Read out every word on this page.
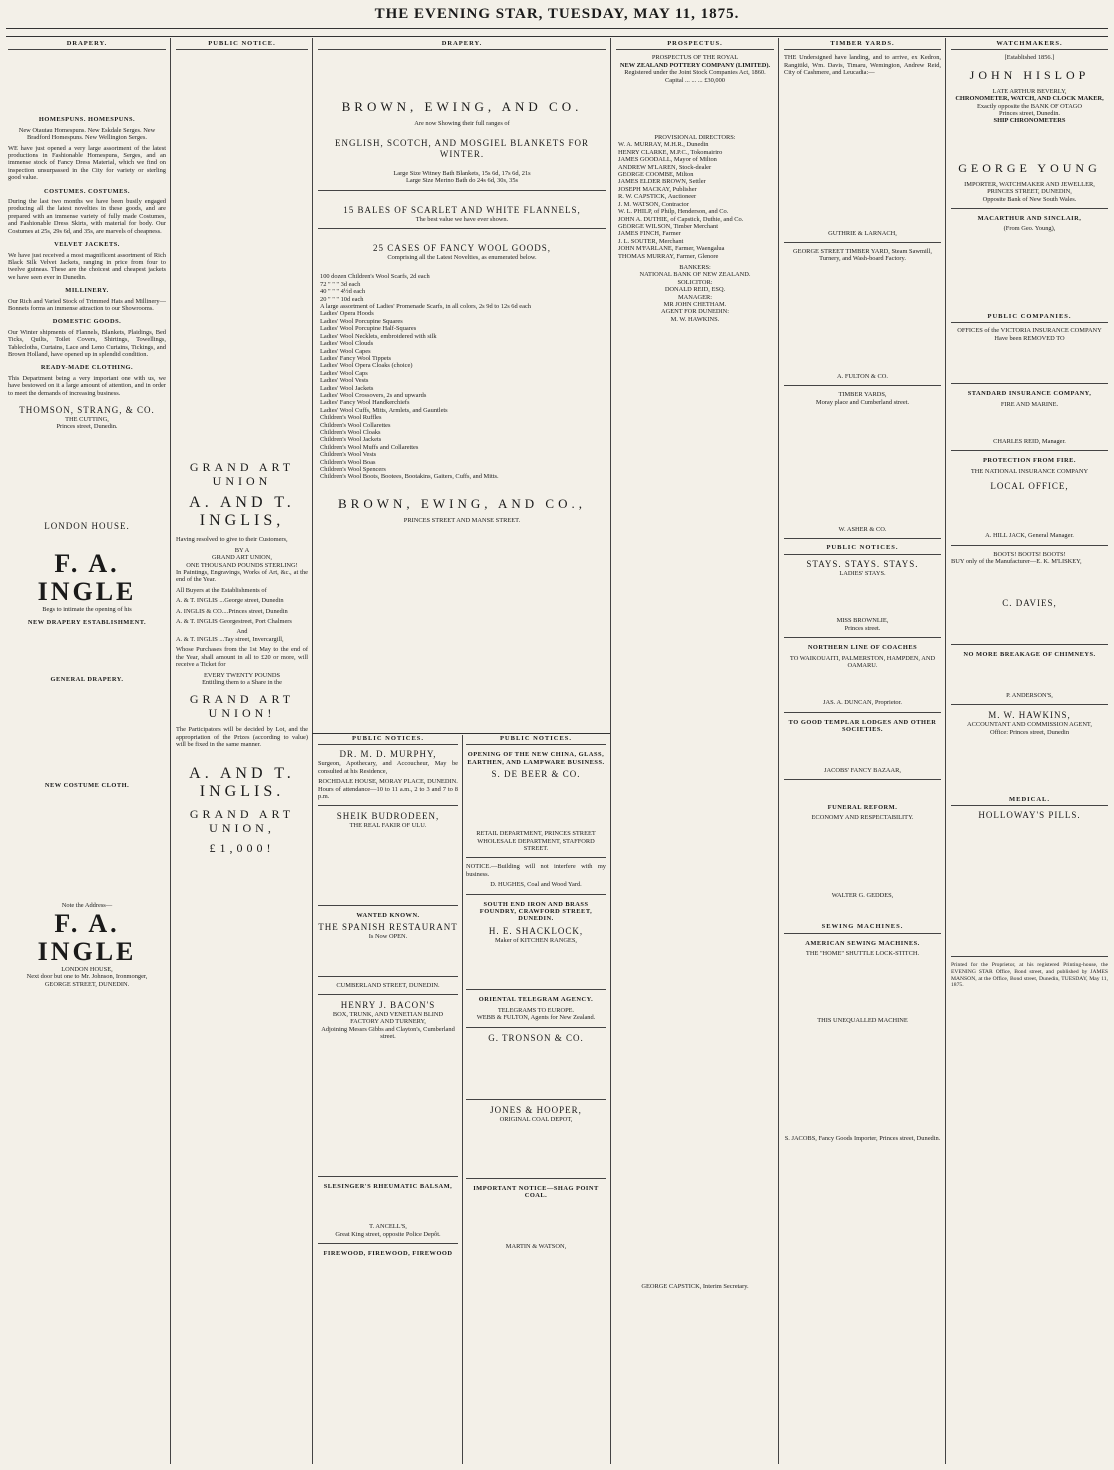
THE EVENING STAR, TUESDAY, MAY 11, 1875.
DRAPERY.
HOMESPUNS. HOMESPUNS.

New Otautau Homespuns. New Eskdale Serges. New Bradford Homespuns. New Wellington Serges.

WE have just opened a very large assortment of the latest productions in Fashionable Homespuns, Serges, and an immense stock of Fancy Dress Material, which we find on inspection unsurpassed in the City for variety or sterling good value.

COSTUMES. COSTUMES.

During the last two months we have been busily engaged producing all the latest novelties in these goods, and are prepared with an immense variety of fully made Costumes, and Fashionable Dress Skirts, with material for body. Our Costumes at 25s, 29s 6d, and 35s, are marvels of cheapness.

VELVET JACKETS.

We have just received a most magnificent assortment of Rich Black Silk Velvet Jackets, ranging in price from four to twelve guineas. These are the choicest and cheapest jackets we have seen ever in Dunedin.

MILLINERY.

Our Rich and Varied Stock of Trimmed Hats and Millinery—Bonnets forms an immense attraction to our Showrooms.

DOMESTIC GOODS.

Our Winter shipments of Flannels, Blankets, Plaidings, Bed Ticks, Quilts, Toilet Covers, Shirtings, Towellings, Tablecloths, Curtains, Lace and Leno Curtains, Tickings, and Brown Holland, have opened up in splendid condition.

READY-MADE CLOTHING.

This Department being a very important one with us, we have bestowed on it a large amount of attention, and in order to meet the demands of increasing business.

THOMSON, STRANG, & CO.
THE CUTTING,
Princes street, Dunedin.
LONDON HOUSE.
F. A. INGLE

Begs to intimate the opening of his

NEW DRAPERY ESTABLISHMENT.
GENERAL DRAPERY.
NEW COSTUME CLOTH.
Note the Address—
F. A. INGLE
LONDON HOUSE,
Next door but one to Mr. Johnson, Ironmonger,
GEORGE STREET, DUNEDIN.
PUBLIC NOTICE.
GRAND ART UNION
A. AND T. INGLIS,

Having resolved to give to their Customers,

BY A
GRAND ART UNION,
ONE THOUSAND POUNDS STERLING!

In Paintings, Engravings, Works of Art, &c., at the end of the Year.

All Buyers at the Establishments of

A. & T. INGLIS ...George street, Dunedin

A. INGLIS & CO....Princes street, Dunedin

A. & T. INGLIS Georgestreet, Port Chalmers

And

A. & T. INGLIS ...Tay street, Invercargill,

Whose Purchases from the 1st May to the end of the Year, shall amount in all to £20 or more, will receive a Ticket for

EVERY TWENTY POUNDS
Entitling them to a Share in the
GRAND ART UNION!

The Participators will be decided by Lot, and the appropriation of the Prizes (according to value) will be fixed in the same manner.

A. AND T. INGLIS.
GRAND ART UNION,
£1,000!
DRAPERY.
BROWN, EWING, AND CO.
Are now Showing their full ranges of
ENGLISH, SCOTCH, AND MOSGIEL BLANKETS FOR WINTER.
Large Size Witney Bath Blankets, 15s 6d, 17s 6d, 21s
Large Size Merino Bath do 24s 6d, 30s, 35s
15 BALES OF SCARLET AND WHITE FLANNELS,
The best value we have ever shown.
25 CASES OF FANCY WOOL GOODS,
Comprising all the Latest Novelties, as enumerated below.
100 dozen Children's Wool Scarfs, 2d each
72 " " " 3d each
40 " " " 4½d each
20 " " " 10d each
A large assortment of Ladies' Promenade Scarfs, in all colors, 2s 9d to 12s 6d each
Ladies' Opera Hoods
Ladies' Wool Porcupine Squares
Ladies' Wool Porcupine Half-Squares
Ladies' Wool Necklets, embroidered with silk
Ladies' Wool Clouds
Ladies' Wool Capes
Ladies' Fancy Wool Tippets
Ladies' Wool Opera Cloaks (choice)
Ladies' Wool Caps
Ladies' Wool Vests
Ladies' Wool Jackets
Ladies' Wool Crossovers, 2s and upwards
Ladies' Fancy Wool Handkerchiefs
Ladies' Wool Cuffs, Mitts, Armlets, and Gauntlets
Children's Wool Ruffles
Children's Wool Collarettes
Children's Wool Cloaks
Children's Wool Jackets
Children's Wool Muffs and Collarettes
Children's Wool Vests
Children's Wool Boas
Children's Wool Spencers
Children's Wool Boots, Bootees, Bootakins, Gaiters, Cuffs, and Mitts.
BROWN, EWING, AND CO.,
PRINCES STREET AND MANSE STREET.
PUBLIC NOTICES.
DR. M. D. MURPHY,

Surgeon, Apothecary, and Accoucheur, May be consulted at his Residence,

ROCHDALE HOUSE, MORAY PLACE, DUNEDIN.

Hours of attendance—10 to 11 a.m., 2 to 3 and 7 to 8 p.m.

SHEIK BUDRODEEN,
THE REAL FAKIR OF ULU.
WANTED KNOWN.
THE SPANISH RESTAURANT
Is Now OPEN.
CUMBERLAND STREET, DUNEDIN.
HENRY J. BACON'S
BOX, TRUNK, AND VENETIAN BLIND FACTORY AND TURNERY,
Adjoining Messrs Gibbs and Clayton's, Cumberland street.
SLESINGER'S RHEUMATIC BALSAM,
T. ANCELL'S,
Great King street, opposite Police Depôt.
FIREWOOD, FIREWOOD, FIREWOOD
PUBLIC NOTICES.
OPENING OF THE NEW CHINA, GLASS, EARTHEN, AND LAMPWARE BUSINESS.
S. DE BEER & CO.
RETAIL DEPARTMENT, PRINCES STREET
WHOLESALE DEPARTMENT, STAFFORD STREET.

NOTICE.—Building will not interfere with my business.

D. HUGHES, Coal and Wood Yard.
SOUTH END IRON AND BRASS FOUNDRY, CRAWFORD STREET, DUNEDIN.
H. E. SHACKLOCK,
Maker of KITCHEN RANGES,
ORIENTAL TELEGRAM AGENCY.
TELEGRAMS TO EUROPE.
WEBB & FULTON, Agents for New Zealand.
G. TRONSON & CO.
JONES & HOOPER,
ORIGINAL COAL DEPOT,
IMPORTANT NOTICE—SHAG POINT COAL.
MARTIN & WATSON,
PROSPECTUS.
PROSPECTUS OF THE ROYAL
NEW ZEALAND POTTERY COMPANY (LIMITED).
Registered under the Joint Stock Companies Act, 1860.
Capital ... ... ... £30,000
PROVISIONAL DIRECTORS:
W. A. MURRAY, M.H.R., Dunedin
HENRY CLARKE, M.P.C., Tokomairiro
JAMES GOODALL, Mayor of Milton
ANDREW M'LAREN, Stock-dealer
GEORGE COOMBE, Milton
JAMES ELDER BROWN, Settler
JOSEPH MACKAY, Publisher
R. W. CAPSTICK, Auctioneer
J. M. WATSON, Contractor
W. L. PHILP, of Philp, Henderson, and Co.
JOHN A. DUTHIE, of Capstick, Duthie, and Co.
GEORGE WILSON, Timber Merchant
JAMES FINCH, Farmer
J. L. SOUTER, Merchant
JOHN M'FARLANE, Farmer, Waengalua
THOMAS MURRAY, Farmer, Glenore
BANKERS:
NATIONAL BANK OF NEW ZEALAND.
SOLICITOR:
DONALD REID, ESQ.
MANAGER:
MR JOHN CHETHAM.
AGENT FOR DUNEDIN:
M. W. HAWKINS.
GEORGE CAPSTICK, Interim Secretary.
TIMBER YARDS.

THE Undersigned have landing, and to arrive, ex Kedron, Rangitiki, Wm. Davis, Timaru, Wemington, Andrew Reid, City of Cashmere, and Leucadia:—

GUTHRIE & LARNACH,
GEORGE STREET TIMBER YARD, Steam Sawmill, Turnery, and Wash-board Factory.
A. FULTON & CO.
TIMBER YARDS,
Moray place and Cumberland street.
W. ASHER & CO.
PUBLIC NOTICES.
STAYS. STAYS. STAYS.
LADIES' STAYS.
MISS BROWNLIE,
Princes street.
NORTHERN LINE OF COACHES
TO WAIKOUAITI, PALMERSTON, HAMPDEN, AND OAMARU.
JAS. A. DUNCAN, Proprietor.
TO GOOD TEMPLAR LODGES AND OTHER SOCIETIES.
JACOBS' FANCY BAZAAR,
FUNERAL REFORM.
ECONOMY AND RESPECTABILITY.
WALTER G. GEDDES,
SEWING MACHINES.
AMERICAN SEWING MACHINES.
THE "HOME" SHUTTLE LOCK-STITCH.
THIS UNEQUALLED MACHINE
S. JACOBS, Fancy Goods Importer, Princes street, Dunedin.
WATCHMAKERS.
[Established 1856.]
JOHN HISLOP
LATE ARTHUR BEVERLY,
CHRONOMETER, WATCH, AND CLOCK MAKER,
Exactly opposite the BANK OF OTAGO
Princes street, Dunedin.
SHIP CHRONOMETERS
GEORGE YOUNG
IMPORTER, WATCHMAKER AND JEWELLER,
PRINCES STREET, DUNEDIN,
Opposite Bank of New South Wales.
MACARTHUR AND SINCLAIR,
(From Geo. Young),
PUBLIC COMPANIES.
OFFICES of the VICTORIA INSURANCE COMPANY
Have been REMOVED TO
STANDARD INSURANCE COMPANY,
FIRE AND MARINE.
CHARLES REID, Manager.
PROTECTION FROM FIRE.
THE NATIONAL INSURANCE COMPANY
LOCAL OFFICE,
A. HILL JACK, General Manager.
BOOTS! BOOTS! BOOTS!

BUY only of the Manufacturer—E. K. M'LISKEY,

C. DAVIES,
NO MORE BREAKAGE OF CHIMNEYS.
P. ANDERSON'S,
M. W. HAWKINS,
ACCOUNTANT AND COMMISSION AGENT,
Office: Princes street, Dunedin
MEDICAL.
HOLLOWAY'S PILLS.

Printed for the Proprietor, at his registered Printing-house, the EVENING STAR Office, Bond street, and published by JAMES MANSON, at the Office, Bond street, Dunedin, TUESDAY, May 11, 1875.
